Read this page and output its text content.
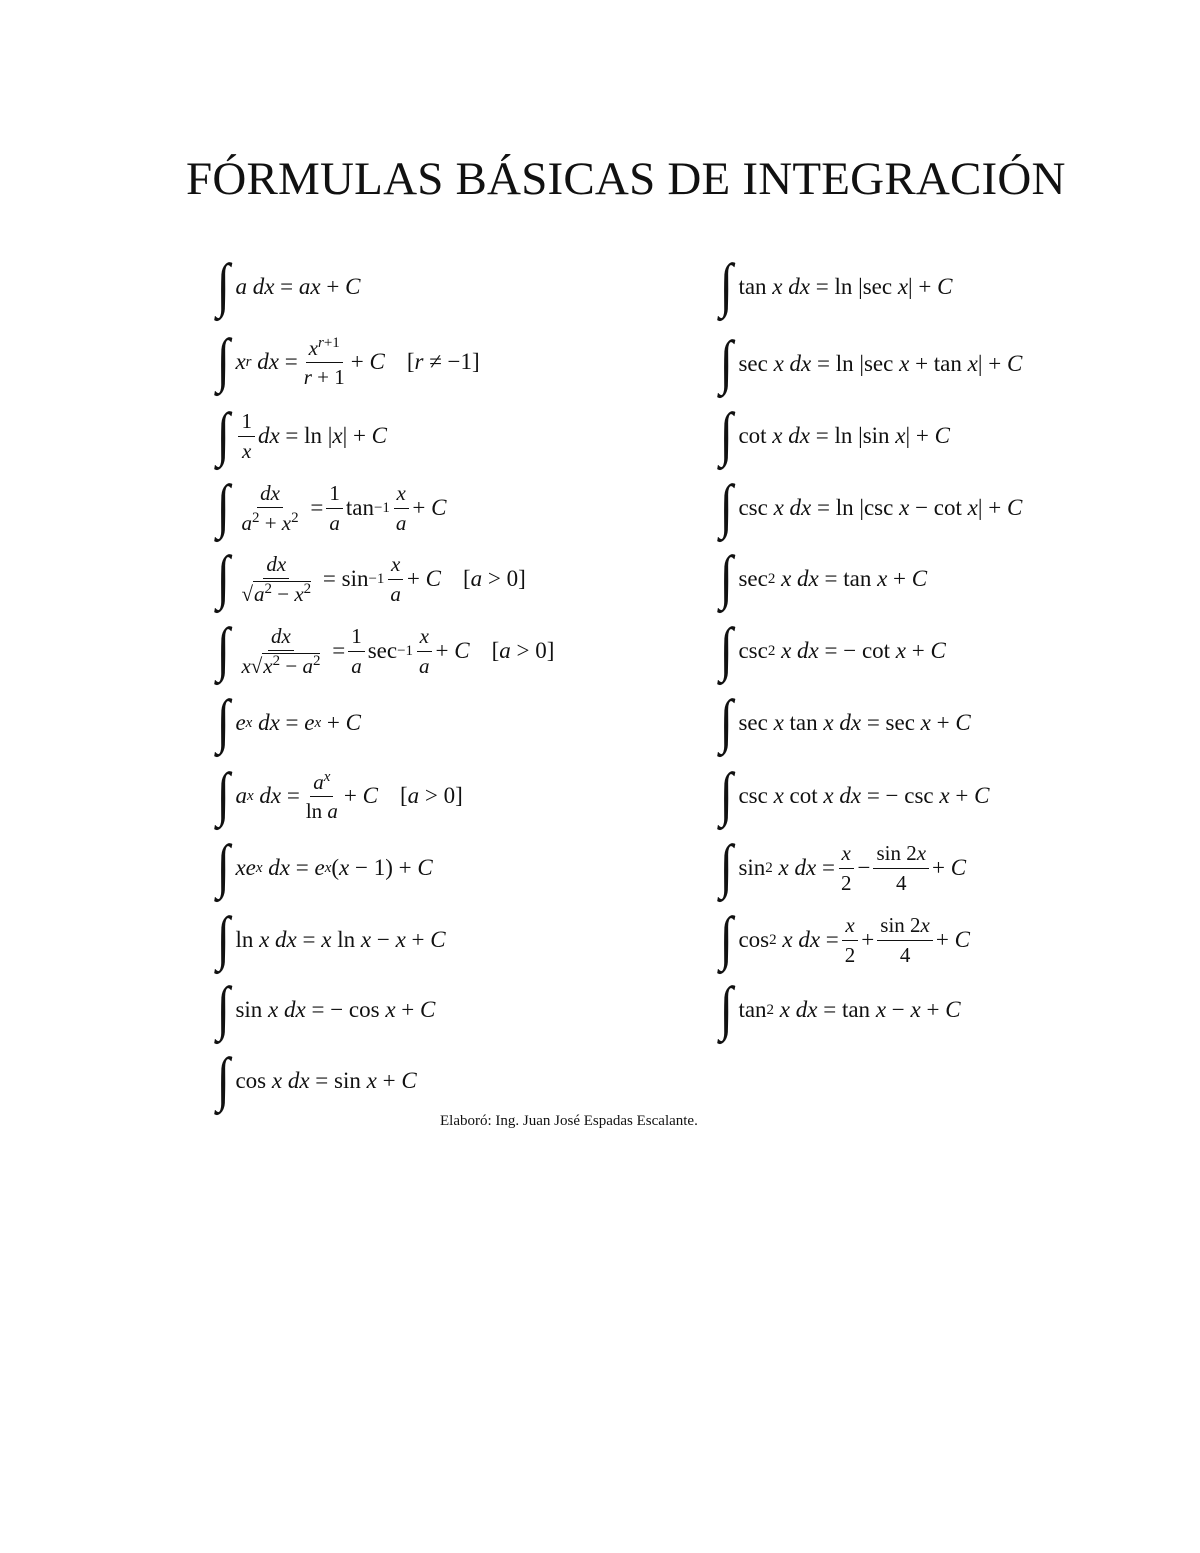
FÓRMULAS BÁSICAS DE INTEGRACIÓN
∫ a
dx = ax + C
∫ x r
dx = $\frac{x^{r+1}}{r + 1} + C$ [ r ≠ −1]
∫ $\frac{1}{x}$ dx = ln | x | + C
∫ $\frac{dx}{a^2 + x^2} = \frac{1}{a}$ $\tan -1 \frac{x}{a} + C$
∫ $\frac{dx}{√a^2 - x^2} = \sin -1 \frac{x}{a} + C$ [ a > 0]
∫ $\frac{dx}{x√x^2 - a^2} = \frac{1}{a}$ $\sec -1 \frac{x}{a} + C$ [ a > 0]
∫ e x
dx = e x + C
∫ a x
dx = $\frac{a^x}{\text{ln a}} + C$ [ a > 0]
∫ xe x
dx = e x ( x − 1) + C
∫ ln x
dx = x ln x − x + C
∫ sin x
dx = − cos x + C
∫ cos x
dx = sin x + C
∫ tan x
dx = ln |sec x | + C
∫ sec x
dx = ln |sec x + tan x | + C
∫ cot x
dx = ln |sin x | + C
∫ csc x
dx = ln |csc x − cot x | + C
∫ sec 2
x
dx = tan x + C
∫ csc 2
x
dx = − cot x + C
∫ sec x tan x
dx = sec x + C
∫ csc x cot x
dx = − csc x + C
∫ sin 2
x
dx = $\frac{x}{2} - \frac{\sin 2x}{4} + C$
∫ cos 2
x
dx = $\frac{x}{2} + \frac{\sin 2x}{4} + C$
∫ tan 2
x
dx = tan x − x + C
Elaboró: Ing. Juan José Espadas Escalante.
